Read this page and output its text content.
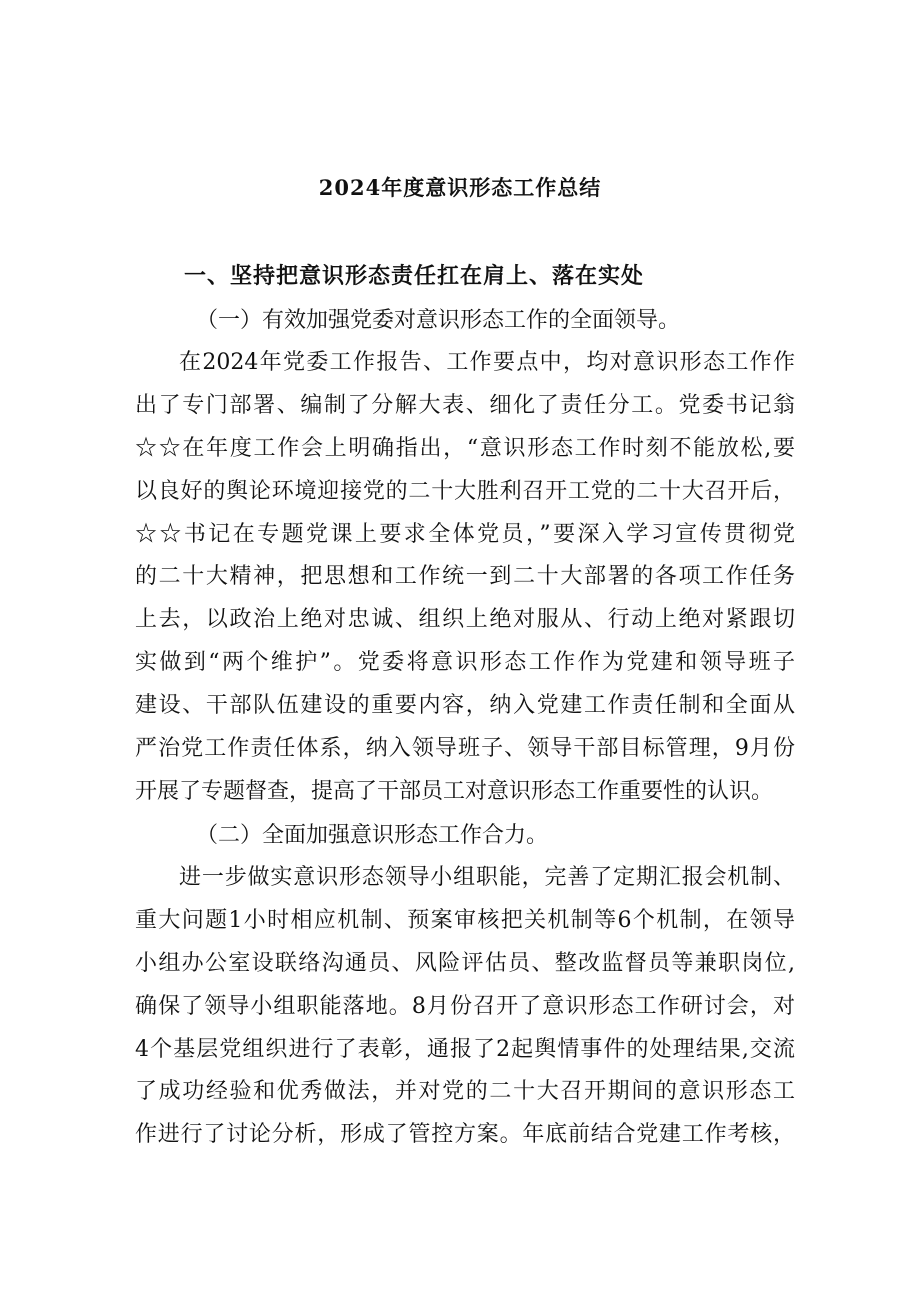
2024年度意识形态工作总结
一、坚持把意识形态责任扛在肩上、落在实处
（一）有效加强党委对意识形态工作的全面领导。
在2024年党委工作报告、工作要点中，均对意识形态工作作
出了专门部署、编制了分解大表、细化了责任分工。党委书记翁
☆☆在年度工作会上明确指出，“意识形态工作时刻不能放松,要
以良好的舆论环境迎接党的二十大胜利召开工党的二十大召开后，
☆☆书记在专题党课上要求全体党员，”要深入学习宣传贯彻党
的二十大精神，把思想和工作统一到二十大部署的各项工作任务
上去，以政治上绝对忠诚、组织上绝对服从、行动上绝对紧跟切
实做到“两个维护”。党委将意识形态工作作为党建和领导班子
建设、干部队伍建设的重要内容，纳入党建工作责任制和全面从
严治党工作责任体系，纳入领导班子、领导干部目标管理，9月份
开展了专题督查，提高了干部员工对意识形态工作重要性的认识。
（二）全面加强意识形态工作合力。
进一步做实意识形态领导小组职能，完善了定期汇报会机制、
重大问题1小时相应机制、预案审核把关机制等6个机制，在领导
小组办公室设联络沟通员、风险评估员、整改监督员等兼职岗位,
确保了领导小组职能落地。8月份召开了意识形态工作研讨会，对
4个基层党组织进行了表彰，通报了2起舆情事件的处理结果,交流
了成功经验和优秀做法，并对党的二十大召开期间的意识形态工
作进行了讨论分析，形成了管控方案。年底前结合党建工作考核，
